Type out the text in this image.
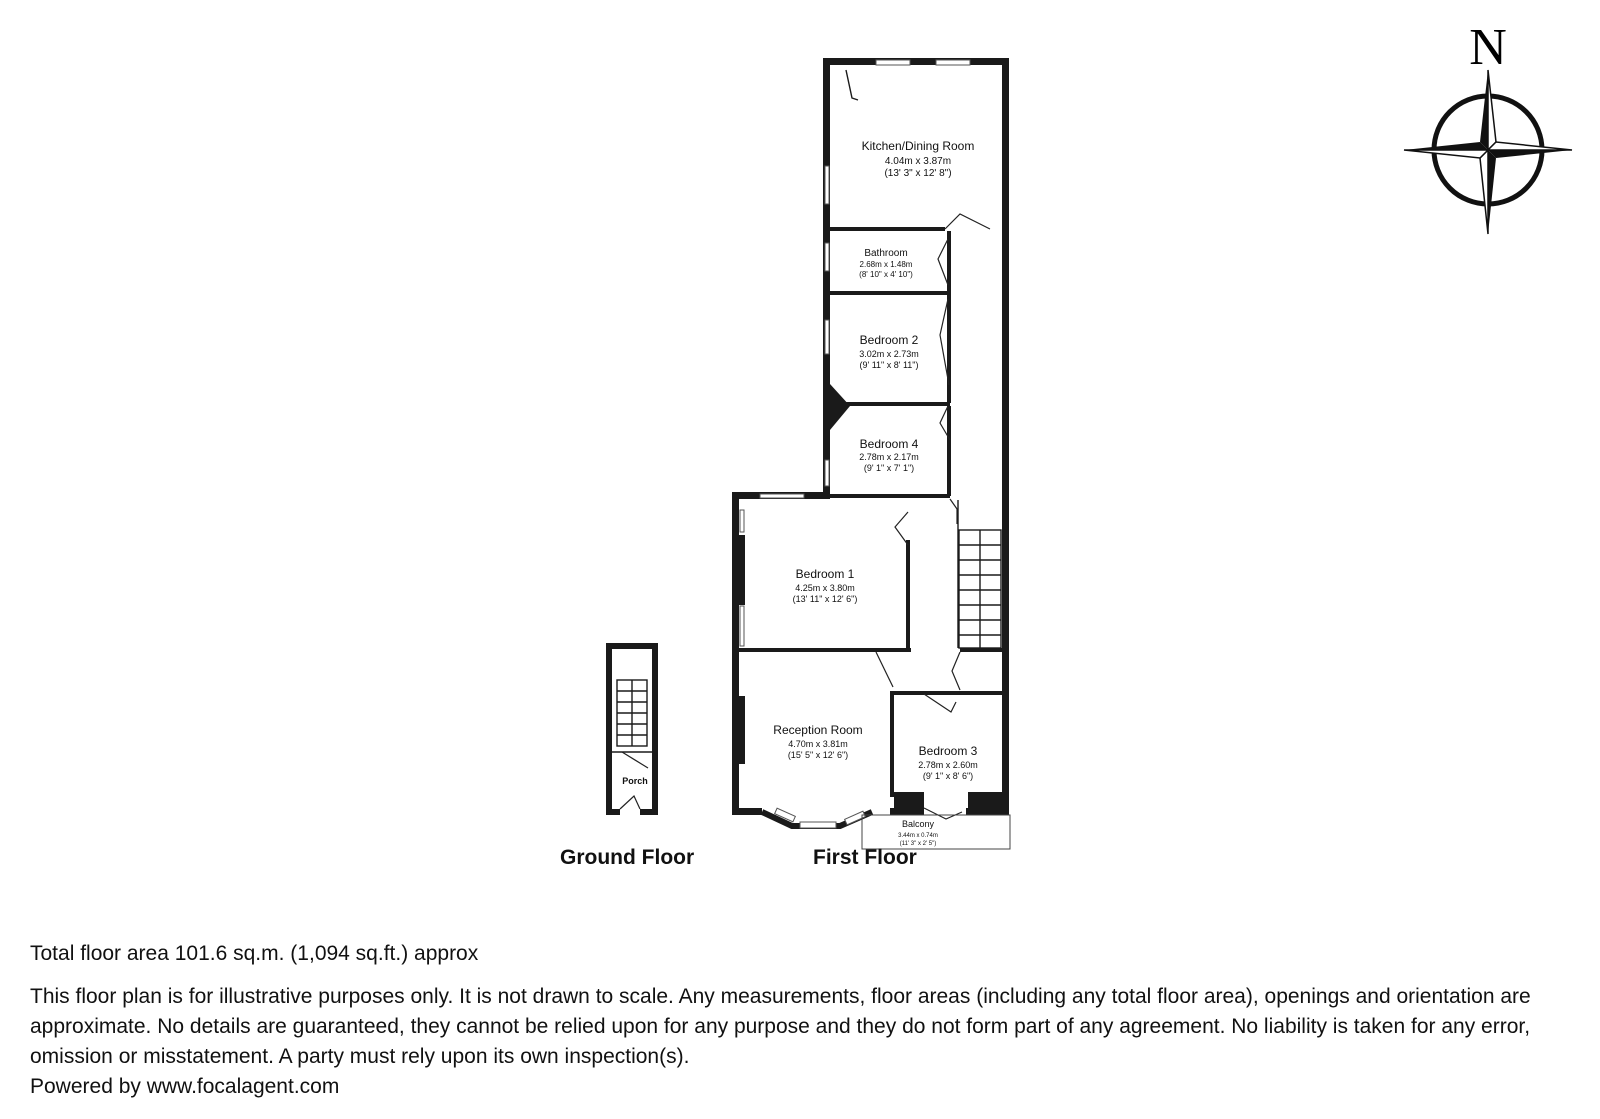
N
Kitchen/Dining Room
4.04m x 3.87m
(13' 3" x 12' 8")
Bathroom
2.68m x 1.48m
(8' 10" x 4' 10")
Bedroom 2
3.02m x 2.73m
(9' 11" x 8' 11")
Bedroom 4
2.78m x 2.17m
(9' 1" x 7' 1")
Bedroom 1
4.25m x 3.80m
(13' 11" x 12' 6")
Reception Room
4.70m x 3.81m
(15' 5" x 12' 6")	Bedroom 3
2.78m x 2.60m
(9' 1" x 8' 6")
Balcony
3.44m x 0.74m
(11' 3" x 2' 5")
Porch
Ground Floor	First Floor
Total floor area 101.6 sq.m. (1,094 sq.ft.) approx
This floor plan is for illustrative purposes only. It is not drawn to scale. Any measurements, floor areas (including any total floor area), openings and orientation are approximate. No details are guaranteed, they cannot be relied upon for any purpose and they do not form part of any agreement. No liability is taken for any error, omission or misstatement. A party must rely upon its own inspection(s).
Powered by www.focalagent.com
